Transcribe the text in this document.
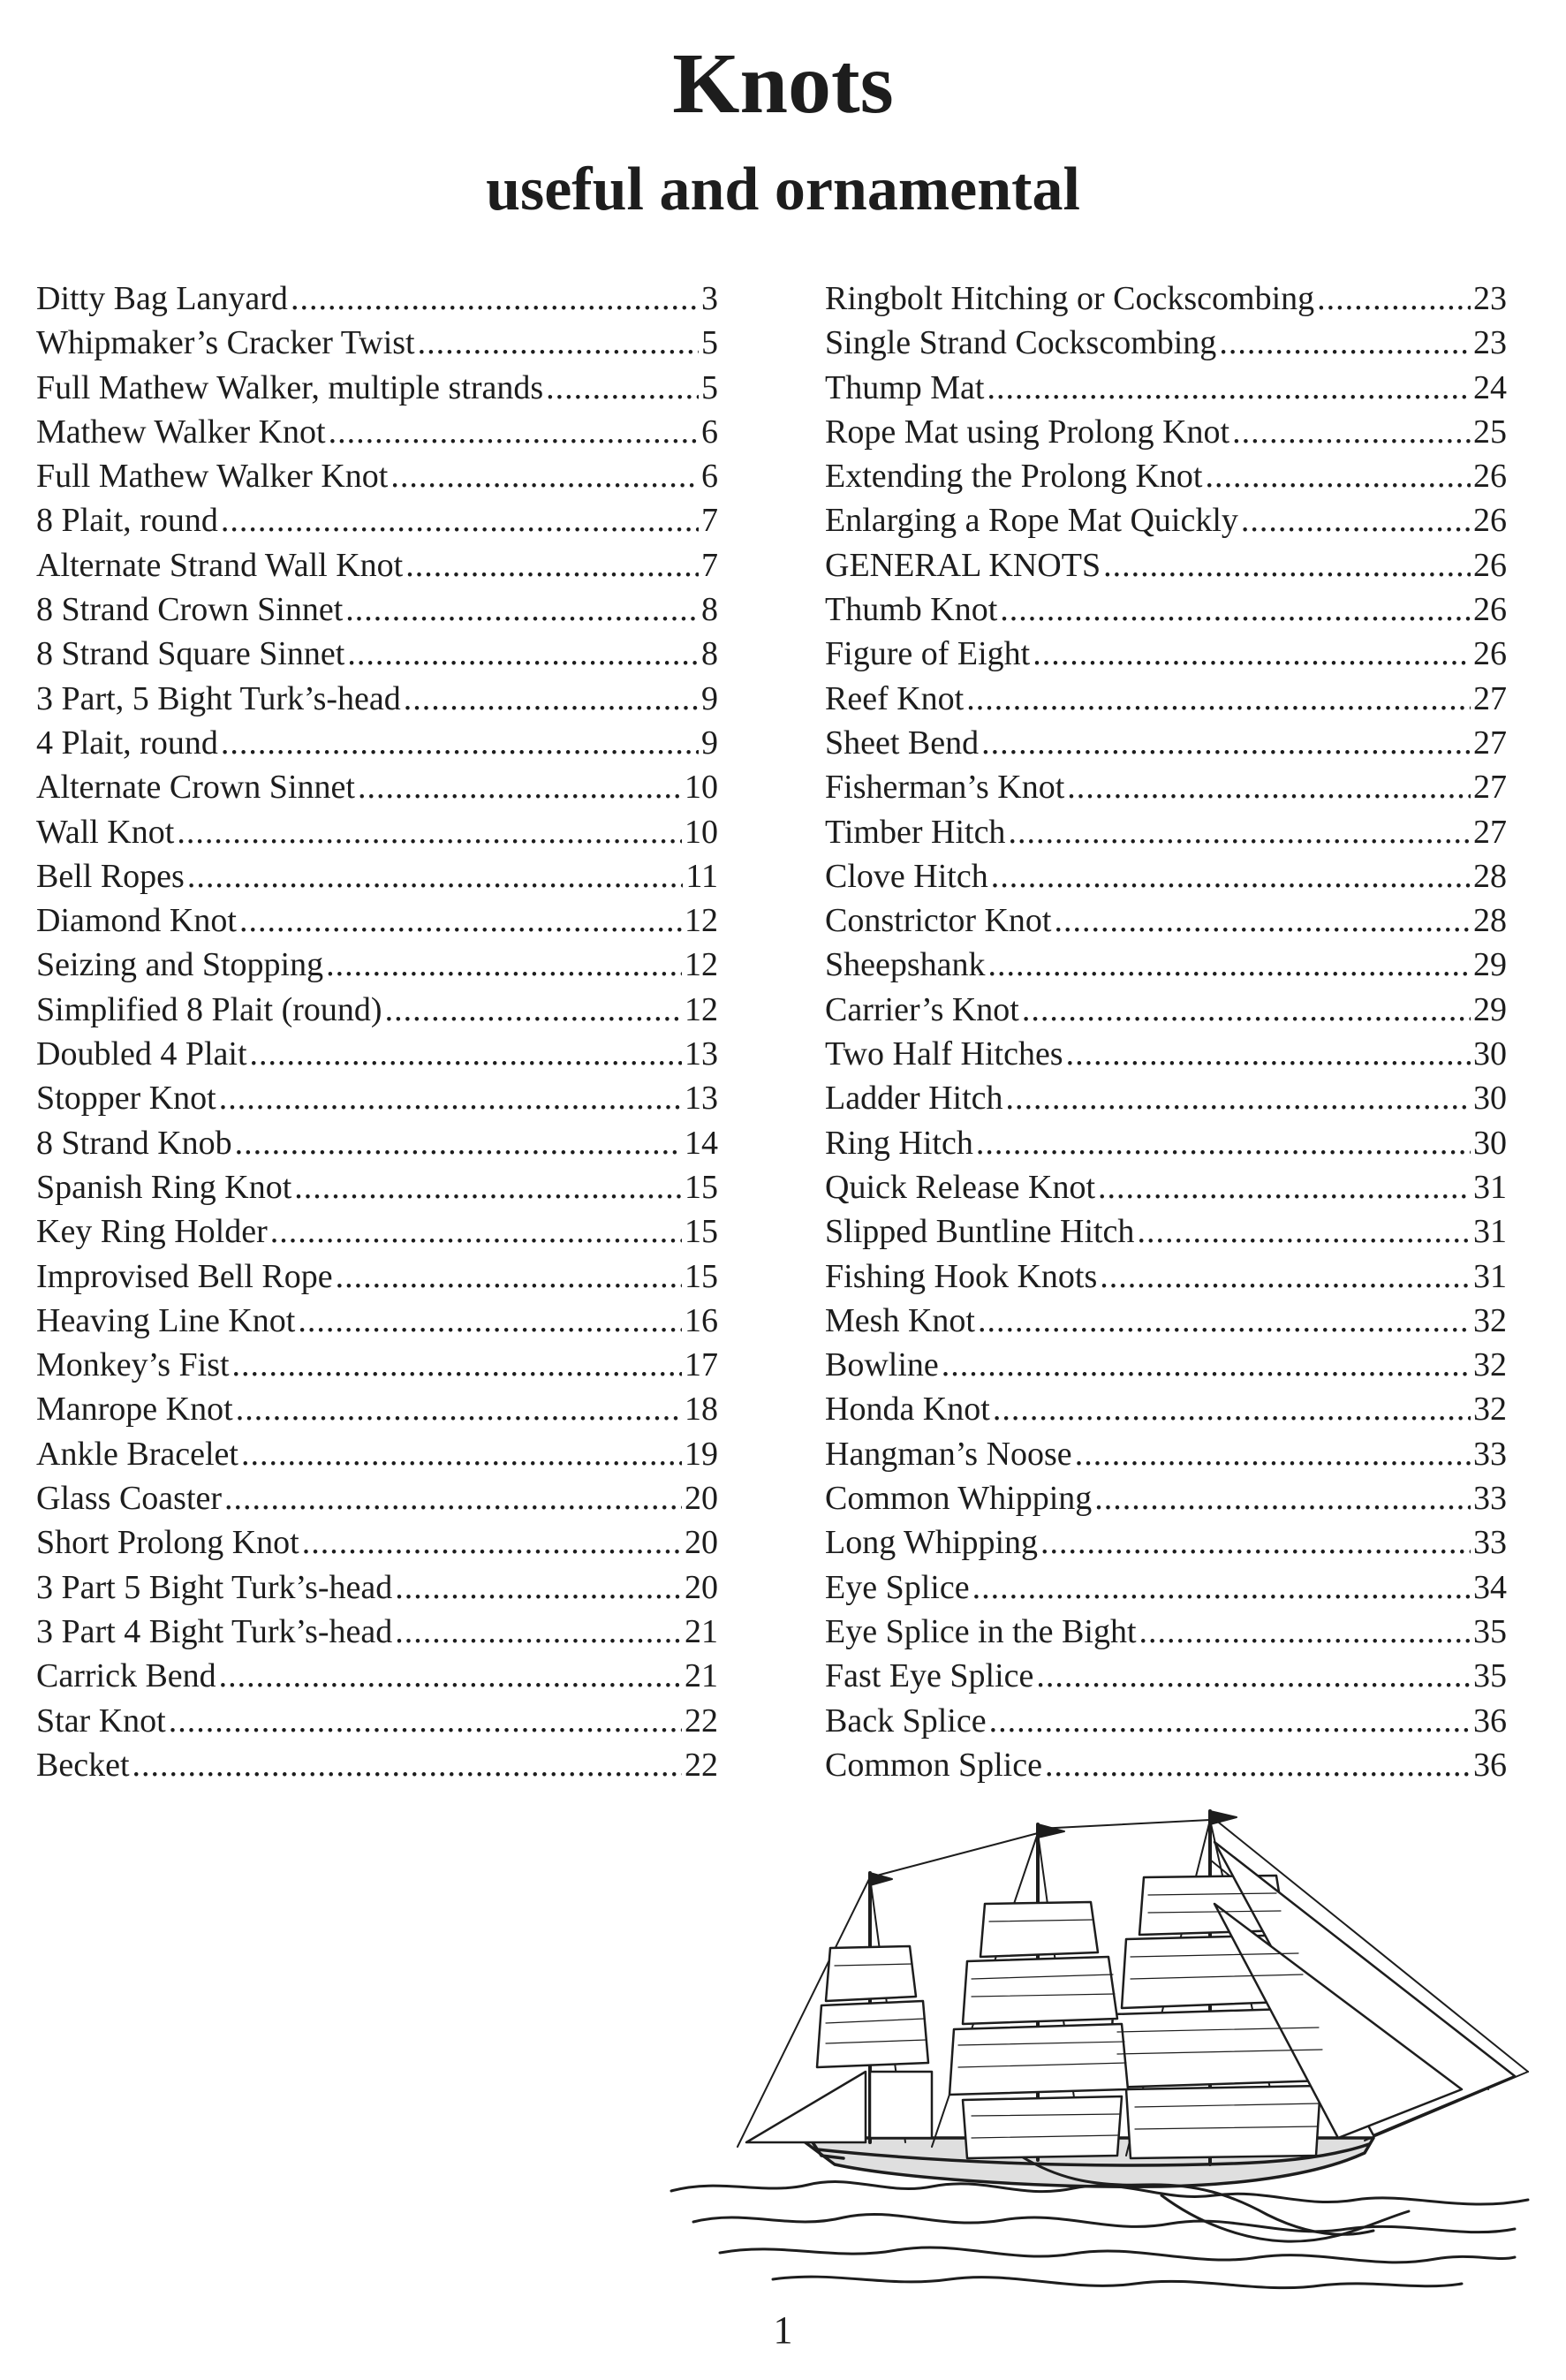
Knots
useful and ornamental
Ditty Bag Lanyard .....	3
Whipmaker’s Cracker Twist .....	5
Full Mathew Walker, multiple strands .....	5
Mathew Walker Knot .....	6
Full Mathew Walker Knot .....	6
8 Plait, round .....	7
Alternate Strand Wall Knot .....	7
8 Strand Crown Sinnet .....	8
8 Strand Square Sinnet .....	8
3 Part, 5 Bight Turk’s-head .....	9
4 Plait, round .....	9
Alternate Crown Sinnet .....	10
Wall Knot .....	10
Bell Ropes .....	11
Diamond Knot .....	12
Seizing and Stopping .....	12
Simplified 8 Plait (round) .....	12
Doubled 4 Plait .....	13
Stopper Knot .....	13
8 Strand Knob .....	14
Spanish Ring Knot .....	15
Key Ring Holder .....	15
Improvised Bell Rope .....	15
Heaving Line Knot .....	16
Monkey’s Fist .....	17
Manrope Knot .....	18
Ankle Bracelet .....	19
Glass Coaster .....	20
Short Prolong Knot .....	20
3 Part 5 Bight Turk’s-head .....	20
3 Part 4 Bight Turk’s-head .....	21
Carrick Bend .....	21
Star Knot .....	22
Becket .....	22
Ringbolt Hitching or Cockscombing .....	23
Single Strand Cockscombing .....	23
Thump Mat .....	24
Rope Mat using Prolong Knot .....	25
Extending the Prolong Knot .....	26
Enlarging a Rope Mat Quickly .....	26
GENERAL KNOTS .....	26
Thumb Knot .....	26
Figure of Eight .....	26
Reef Knot .....	27
Sheet Bend .....	27
Fisherman’s Knot .....	27
Timber Hitch .....	27
Clove Hitch .....	28
Constrictor Knot .....	28
Sheepshank .....	29
Carrier’s Knot .....	29
Two Half Hitches .....	30
Ladder Hitch .....	30
Ring Hitch .....	30
Quick Release Knot .....	31
Slipped Buntline Hitch .....	31
Fishing Hook Knots .....	31
Mesh Knot .....	32
Bowline .....	32
Honda Knot .....	32
Hangman’s Noose .....	33
Common Whipping .....	33
Long Whipping .....	33
Eye Splice .....	34
Eye Splice in the Bight .....	35
Fast Eye Splice .....	35
Back Splice .....	36
Common Splice .....	36
1
